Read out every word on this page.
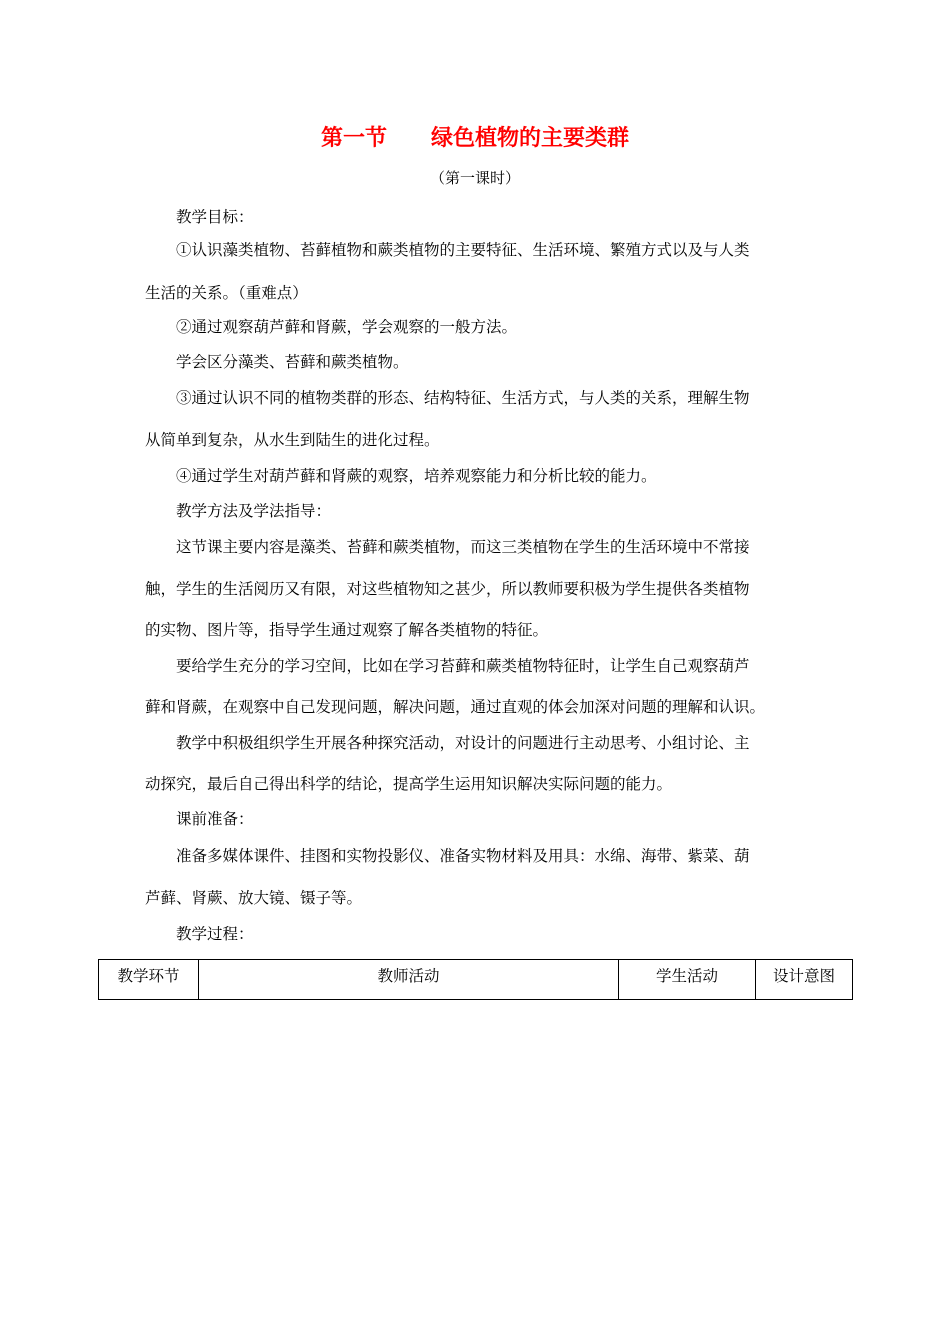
第一节　　绿色植物的主要类群
（第一课时）
教学目标：
①认识藻类植物、苔藓植物和蕨类植物的主要特征、生活环境、繁殖方式以及与人类
生活的关系。（重难点）
②通过观察葫芦藓和肾蕨，学会观察的一般方法。
学会区分藻类、苔藓和蕨类植物。
③通过认识不同的植物类群的形态、结构特征、生活方式，与人类的关系，理解生物
从简单到复杂，从水生到陆生的进化过程。
④通过学生对葫芦藓和肾蕨的观察，培养观察能力和分析比较的能力。
教学方法及学法指导：
这节课主要内容是藻类、苔藓和蕨类植物，而这三类植物在学生的生活环境中不常接
触，学生的生活阅历又有限，对这些植物知之甚少，所以教师要积极为学生提供各类植物
的实物、图片等，指导学生通过观察了解各类植物的特征。
要给学生充分的学习空间，比如在学习苔藓和蕨类植物特征时，让学生自己观察葫芦
藓和肾蕨，在观察中自己发现问题，解决问题，通过直观的体会加深对问题的理解和认识。
教学中积极组织学生开展各种探究活动，对设计的问题进行主动思考、小组讨论、主
动探究，最后自己得出科学的结论，提高学生运用知识解决实际问题的能力。
课前准备：
准备多媒体课件、挂图和实物投影仪、准备实物材料及用具：水绵、海带、紫菜、葫
芦藓、肾蕨、放大镜、镊子等。
教学过程：
教学环节	教师活动	学生活动	设计意图
